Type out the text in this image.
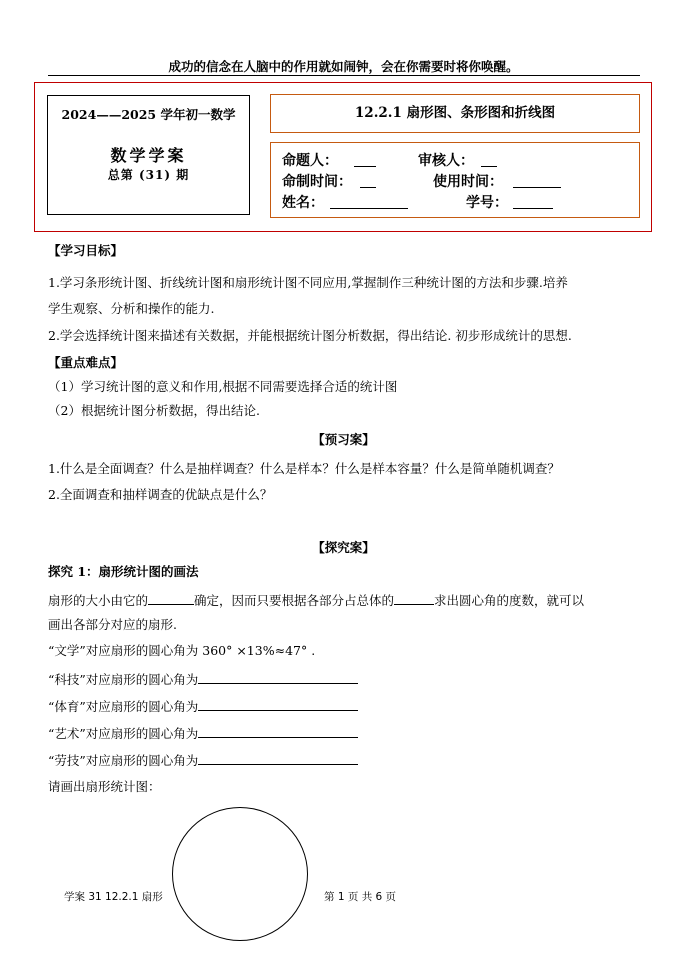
成功的信念在人脑中的作用就如闹钟，会在你需要时将你唤醒。
2024——2025 学年初一数学
数学学案
总第 (31) 期
12.2.1 扇形图、条形图和折线图
命题人：	审核人：
命制时间：	使用时间：
姓名：	学号：
【学习目标】
1.学习条形统计图、折线统计图和扇形统计图不同应用,掌握制作三种统计图的方法和步骤.培养
学生观察、分析和操作的能力.
2.学会选择统计图来描述有关数据，并能根据统计图分析数据，得出结论. 初步形成统计的思想.
【重点难点】
（1）学习统计图的意义和作用,根据不同需要选择合适的统计图
（2）根据统计图分析数据，得出结论.
【预习案】
1.什么是全面调查？什么是抽样调查？什么是样本？什么是样本容量？什么是简单随机调查？
2.全面调查和抽样调查的优缺点是什么？
【探究案】
探究 1：扇形统计图的画法
扇形的大小由它的	确定，因而只要根据各部分占总体的	求出圆心角的度数，就可以
画出各部分对应的扇形.
“文学”对应扇形的圆心角为 360° ×13%≈47° .
“科技”对应扇形的圆心角为
“体育”对应扇形的圆心角为
“艺术”对应扇形的圆心角为
“劳技”对应扇形的圆心角为
请画出扇形统计图：
学案 31 12.2.1 扇形	第 1 页 共 6 页
